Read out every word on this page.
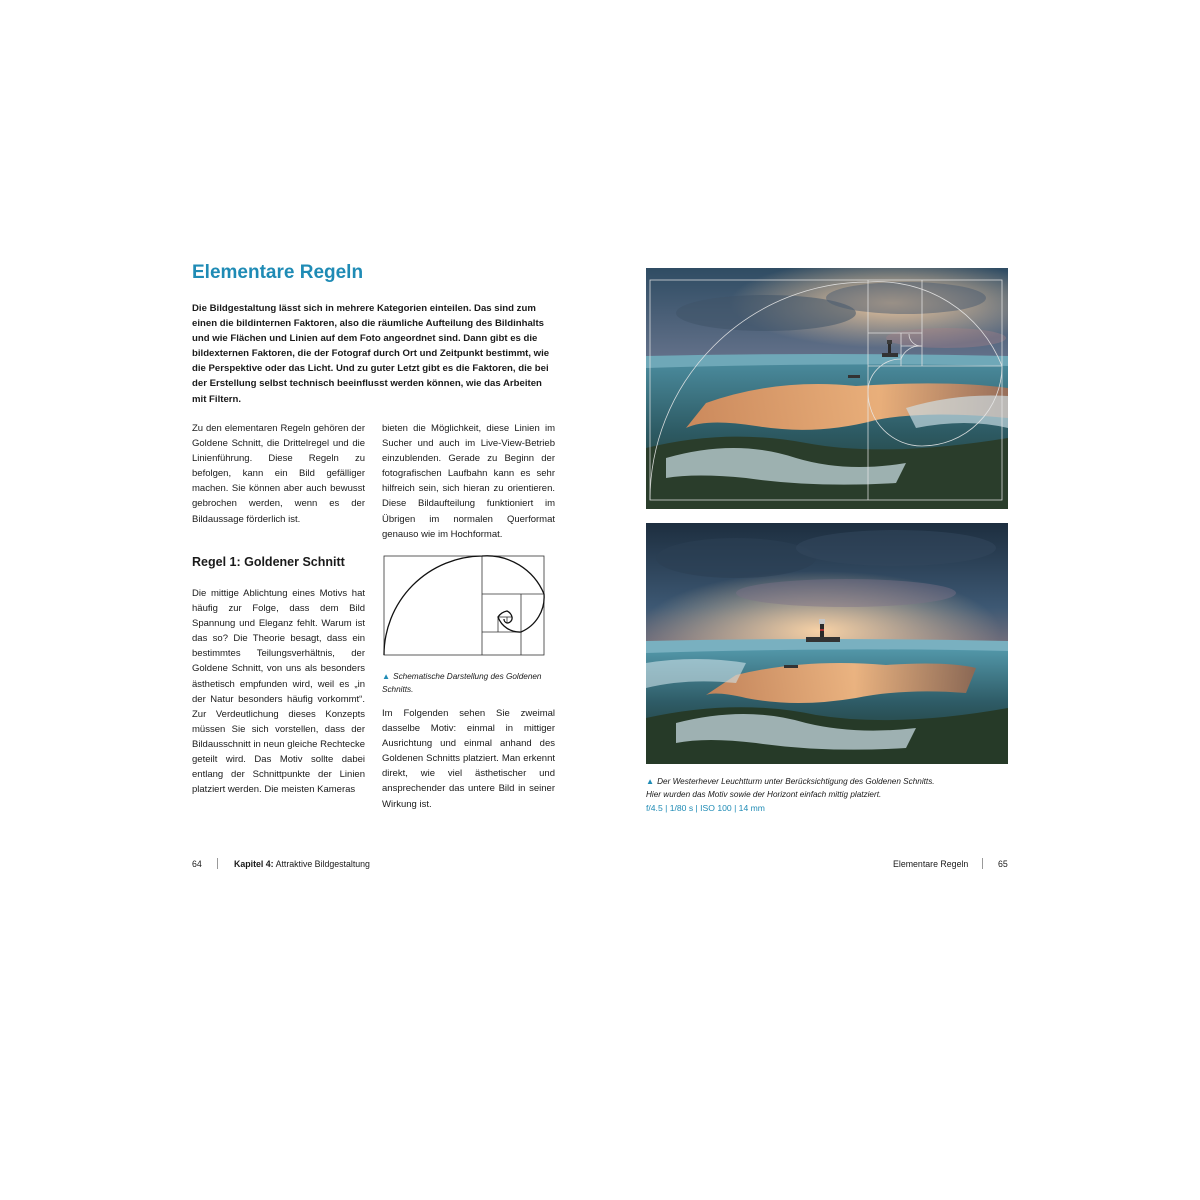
Elementare Regeln

Die Bildgestaltung lässt sich in mehrere Kategorien einteilen. Das sind zum einen die bildinternen Faktoren, also die räumliche Aufteilung des Bildinhalts und wie Flächen und Linien auf dem Foto angeordnet sind. Dann gibt es die bildexternen Faktoren, die der Fotograf durch Ort und Zeitpunkt bestimmt, wie die Perspektive oder das Licht. Und zu guter Letzt gibt es die Faktoren, die bei der Erstellung selbst technisch beeinflusst werden können, wie das Arbeiten mit Filtern.

Zu den elementaren Regeln gehören der Goldene Schnitt, die Drittelregel und die Linienführung. Diese Regeln zu befolgen, kann ein Bild gefälliger machen. Sie können aber auch bewusst gebrochen werden, wenn es der Bildaussage förderlich ist.

Regel 1: Goldener Schnitt

Die mittige Ablichtung eines Motivs hat häufig zur Folge, dass dem Bild Spannung und Eleganz fehlt. Warum ist das so? Die Theorie besagt, dass ein bestimmtes Teilungsverhältnis, der Goldene Schnitt, von uns als besonders ästhetisch empfunden wird, weil es „in der Natur besonders häufig vorkommt“. Zur Verdeutlichung dieses Konzepts müssen Sie sich vorstellen, dass der Bildausschnitt in neun gleiche Rechtecke geteilt wird. Das Motiv sollte dabei entlang der Schnittpunkte der Linien platziert werden. Die meisten Kameras

bieten die Möglichkeit, diese Linien im Sucher und auch im Live-View-Betrieb einzublenden. Gerade zu Beginn der fotografischen Laufbahn kann es sehr hilfreich sein, sich hieran zu orientieren. Diese Bildaufteilung funktioniert im Übrigen im normalen Querformat genauso wie im Hochformat.

▲ Schematische Darstellung des Goldenen Schnitts.

Im Folgenden sehen Sie zweimal dasselbe Motiv: einmal in mittiger Ausrichtung und einmal anhand des Goldenen Schnitts platziert. Man erkennt direkt, wie viel ästhetischer und ansprechender das untere Bild in seiner Wirkung ist.

▲ Der Westerhever Leuchtturm unter Berücksichtigung des Goldenen Schnitts.

Hier wurden das Motiv sowie der Horizont einfach mittig platziert.

f/4.5 | 1/80 s | ISO 100 | 14 mm

64	Kapitel 4: Attraktive Bildgestaltung	Elementare Regeln	65
